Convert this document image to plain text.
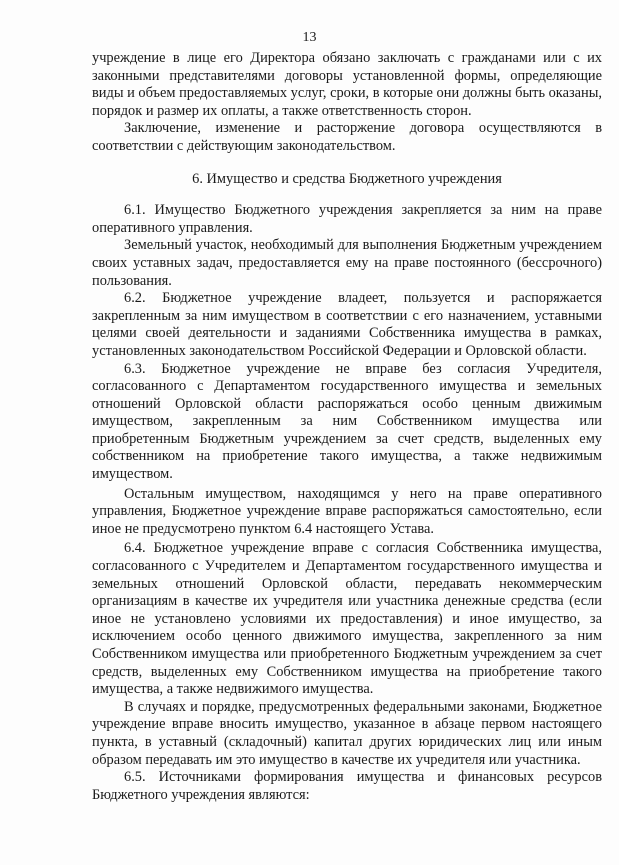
13

учреждение в лице его Директора обязано заключать с гражданами или с их законными представителями договоры установленной формы, определяющие виды и объем предоставляемых услуг, сроки, в которые они должны быть оказаны, порядок и размер их оплаты, а также ответственность сторон.

Заключение, изменение и расторжение договора осуществляются в соответствии с действующим законодательством.

6. Имущество и средства Бюджетного учреждения

6.1. Имущество Бюджетного учреждения закрепляется за ним на праве оперативного управления.

Земельный участок, необходимый для выполнения Бюджетным учреждением своих уставных задач, предоставляется ему на праве постоянного (бессрочного) пользования.

6.2. Бюджетное учреждение владеет, пользуется и распоряжается закрепленным за ним имуществом в соответствии с его назначением, уставными целями своей деятельности и заданиями Собственника имущества в рамках, установленных законодательством Российской Федерации и Орловской области.

6.3. Бюджетное учреждение не вправе без согласия Учредителя, согласованного с Департаментом государственного имущества и земельных отношений Орловской области распоряжаться особо ценным движимым имуществом, закрепленным за ним Собственником имущества или приобретенным Бюджетным учреждением за счет средств, выделенных ему собственником на приобретение такого имущества, а также недвижимым имуществом.

Остальным имуществом, находящимся у него на праве оперативного управления, Бюджетное учреждение вправе распоряжаться самостоятельно, если иное не предусмотрено пунктом 6.4 настоящего Устава.

6.4. Бюджетное учреждение вправе с согласия Собственника имущества, согласованного с Учредителем и Департаментом государственного имущества и земельных отношений Орловской области, передавать некоммерческим организациям в качестве их учредителя или участника денежные средства (если иное не установлено условиями их предоставления) и иное имущество, за исключением особо ценного движимого имущества, закрепленного за ним Собственником имущества или приобретенного Бюджетным учреждением за счет средств, выделенных ему Собственником имущества на приобретение такого имущества, а также недвижимого имущества.

В случаях и порядке, предусмотренных федеральными законами, Бюджетное учреждение вправе вносить имущество, указанное в абзаце первом настоящего пункта, в уставный (складочный) капитал других юридических лиц или иным образом передавать им это имущество в качестве их учредителя или участника.

6.5. Источниками формирования имущества и финансовых ресурсов Бюджетного учреждения являются:
